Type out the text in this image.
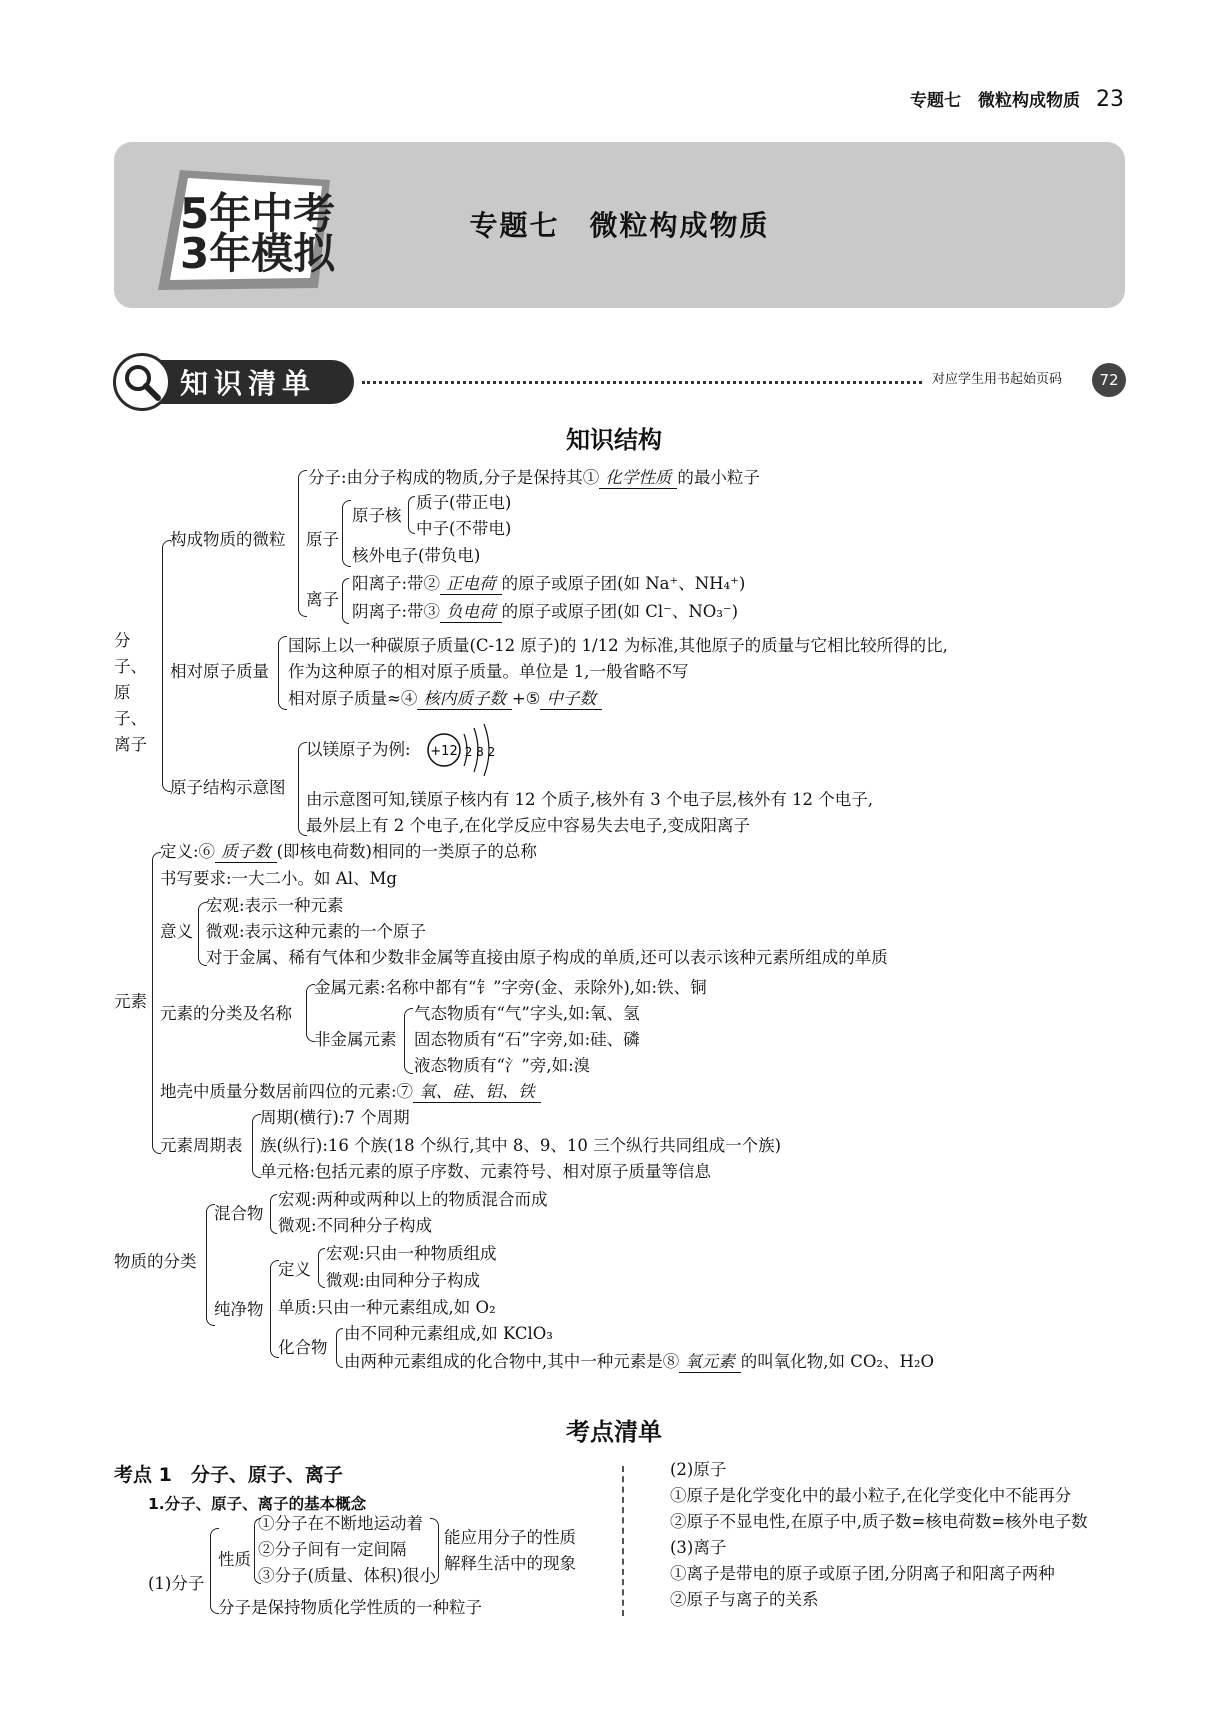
专题七　微粒构成物质 23
专题七　微粒构成物质
5年中考
3年模拟
知识清单	对应学生用书起始页码	72
知识结构
分子、
原子、
离子
构成物质的微粒
分子:由分子构成的物质,分子是保持其① 化学性质 的最小粒子
原子
原子核
质子(带正电)
中子(不带电)
核外电子(带负电)
离子
阳离子:带② 正电荷 的原子或原子团(如 Na⁺、NH₄⁺)
阴离子:带③ 负电荷 的原子或原子团(如 Cl⁻、NO₃⁻)
相对原子质量
国际上以一种碳原子质量(C-12 原子)的 1/12 为标准,其他原子的质量与它相比较所得的比,
作为这种原子的相对原子质量。单位是 1,一般省略不写
相对原子质量≈④ 核内质子数 +⑤ 中子数
原子结构示意图
以镁原子为例: +12 2 8 2
由示意图可知,镁原子核内有 12 个质子,核外有 3 个电子层,核外有 12 个电子,
最外层上有 2 个电子,在化学反应中容易失去电子,变成阳离子
元素
定义:⑥ 质子数 (即核电荷数)相同的一类原子的总称
书写要求:一大二小。如 Al、Mg
意义
宏观:表示一种元素
微观:表示这种元素的一个原子
对于金属、稀有气体和少数非金属等直接由原子构成的单质,还可以表示该种元素所组成的单质
元素的分类及名称
金属元素:名称中都有“钅”字旁(金、汞除外),如:铁、铜
非金属元素
气态物质有“气”字头,如:氧、氢
固态物质有“石”字旁,如:硅、磷
液态物质有“氵”旁,如:溴
地壳中质量分数居前四位的元素:⑦ 氧、硅、铝、铁
元素周期表
周期(横行):7 个周期
族(纵行):16 个族(18 个纵行,其中 8、9、10 三个纵行共同组成一个族)
单元格:包括元素的原子序数、元素符号、相对原子质量等信息
物质的分类
混合物
宏观:两种或两种以上的物质混合而成
微观:不同种分子构成
纯净物
定义
宏观:只由一种物质组成
微观:由同种分子构成
单质:只由一种元素组成,如 O₂
化合物
由不同种元素组成,如 KClO₃
由两种元素组成的化合物中,其中一种元素是⑧ 氧元素 的叫氧化物,如 CO₂、H₂O
考点清单
考点 1　分子、原子、离子
1.分子、原子、离子的基本概念
(1)分子
性质
①分子在不断地运动着
②分子间有一定间隔
③分子(质量、体积)很小
能应用分子的性质
解释生活中的现象
分子是保持物质化学性质的一种粒子
(2)原子
①原子是化学变化中的最小粒子,在化学变化中不能再分
②原子不显电性,在原子中,质子数=核电荷数=核外电子数
(3)离子
①离子是带电的原子或原子团,分阴离子和阳离子两种
②原子与离子的关系
